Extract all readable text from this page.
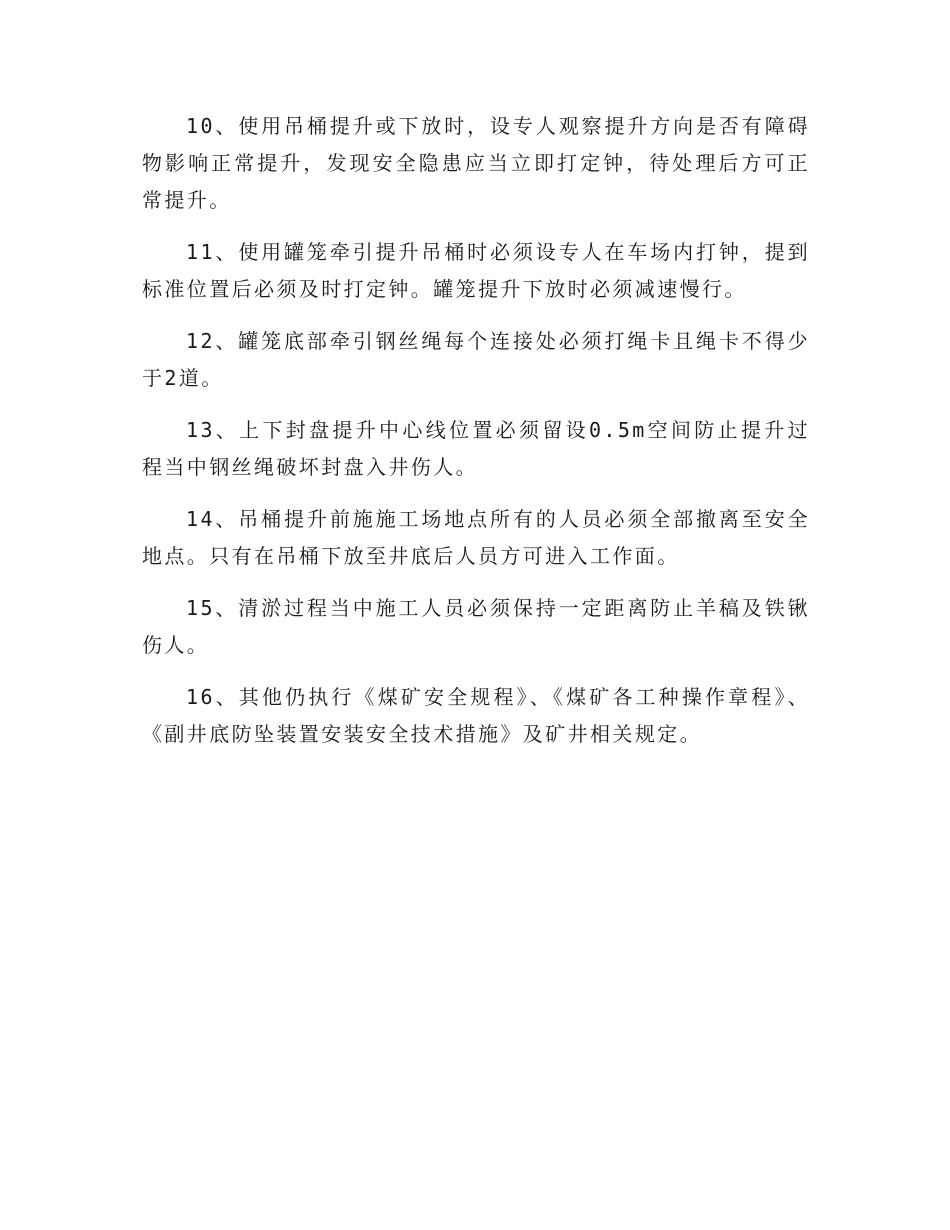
10、使用吊桶提升或下放时，设专人观察提升方向是否有障碍物影响正常提升，发现安全隐患应当立即打定钟，待处理后方可正常提升。

11、使用罐笼牵引提升吊桶时必须设专人在车场内打钟，提到标准位置后必须及时打定钟。罐笼提升下放时必须减速慢行。

12、罐笼底部牵引钢丝绳每个连接处必须打绳卡且绳卡不得少于2道。

13、上下封盘提升中心线位置必须留设0.5m空间防止提升过程当中钢丝绳破坏封盘入井伤人。

14、吊桶提升前施施工场地点所有的人员必须全部撤离至安全地点。只有在吊桶下放至井底后人员方可进入工作面。

15、清淤过程当中施工人员必须保持一定距离防止羊稿及铁锹伤人。

16、其他仍执行《煤矿安全规程》、《煤矿各工种操作章程》、《副井底防坠装置安装安全技术措施》及矿井相关规定。
